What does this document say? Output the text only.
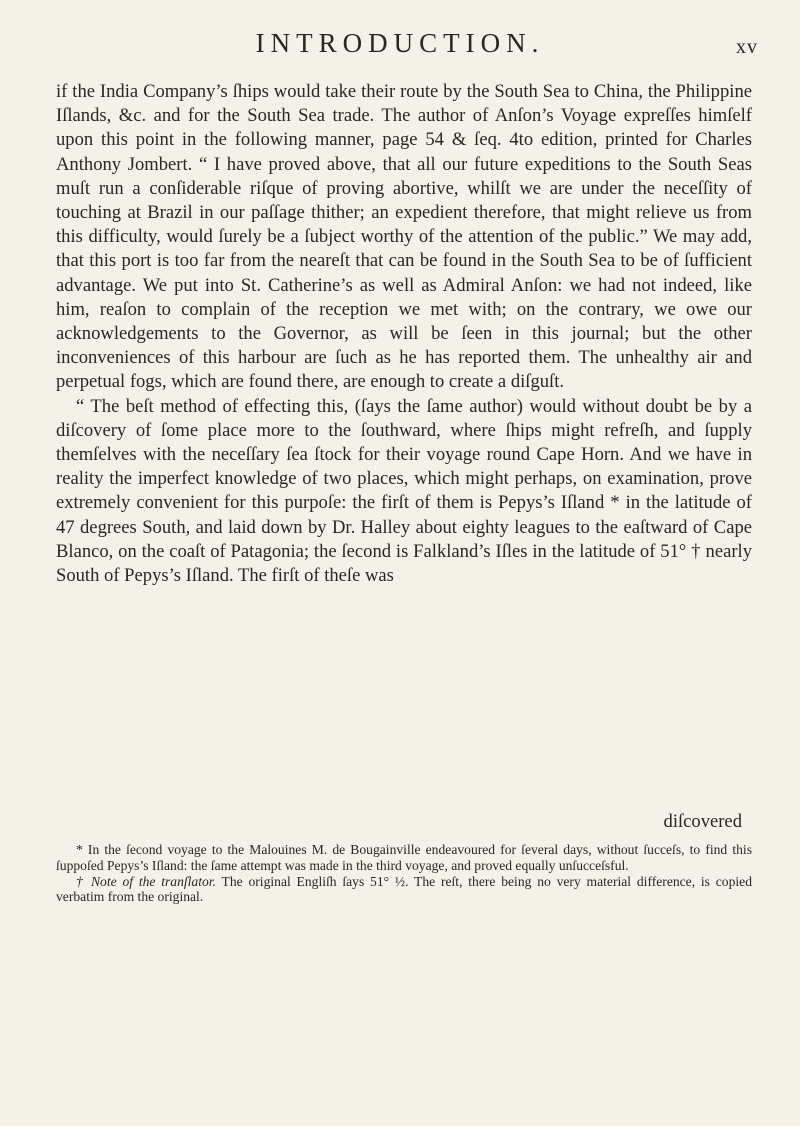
INTRODUCTION.	xv

if the India Company’s ſhips would take their route by the South Sea to China, the Philippine Iſlands, &c. and for the South Sea trade. The author of Anſon’s Voyage expreſſes himſelf upon this point in the following manner, page 54 & ſeq. 4to edition, printed for Charles Anthony Jombert. “ I have proved above, that all our future expeditions to the South Seas muſt run a conſiderable riſque of proving abortive, whilſt we are under the neceſſity of touching at Brazil in our paſſage thither; an expedient therefore, that might relieve us from this difficulty, would ſurely be a ſubject worthy of the attention of the public.” We may add, that this port is too far from the neareſt that can be found in the South Sea to be of ſufficient advantage. We put into St. Catherine’s as well as Admiral Anſon: we had not indeed, like him, reaſon to complain of the reception we met with; on the contrary, we owe our acknowledgements to the Governor, as will be ſeen in this journal; but the other inconveniences of this harbour are ſuch as he has reported them. The unhealthy air and perpetual fogs, which are found there, are enough to create a diſguſt.

“ The beſt method of effecting this, (ſays the ſame author) would without doubt be by a diſcovery of ſome place more to the ſouthward, where ſhips might refreſh, and ſupply themſelves with the neceſſary ſea ſtock for their voyage round Cape Horn. And we have in reality the imperfect knowledge of two places, which might perhaps, on examination, prove extremely convenient for this purpoſe: the firſt of them is Pepys’s Iſland * in the latitude of 47 degrees South, and laid down by Dr. Halley about eighty leagues to the eaſtward of Cape Blanco, on the coaſt of Patagonia; the ſecond is Falkland’s Iſles in the latitude of 51° † nearly South of Pepys’s Iſland. The firſt of theſe was

diſcovered

* In the ſecond voyage to the Malouines M. de Bougainville endeavoured for ſeveral days, without ſucceſs, to find this ſuppoſed Pepys’s Iſland: the ſame attempt was made in the third voyage, and proved equally unſucceſsful.

† Note of the tranſlator. The original Engliſh ſays 51° ½. The reſt, there being no very material difference, is copied verbatim from the original.
